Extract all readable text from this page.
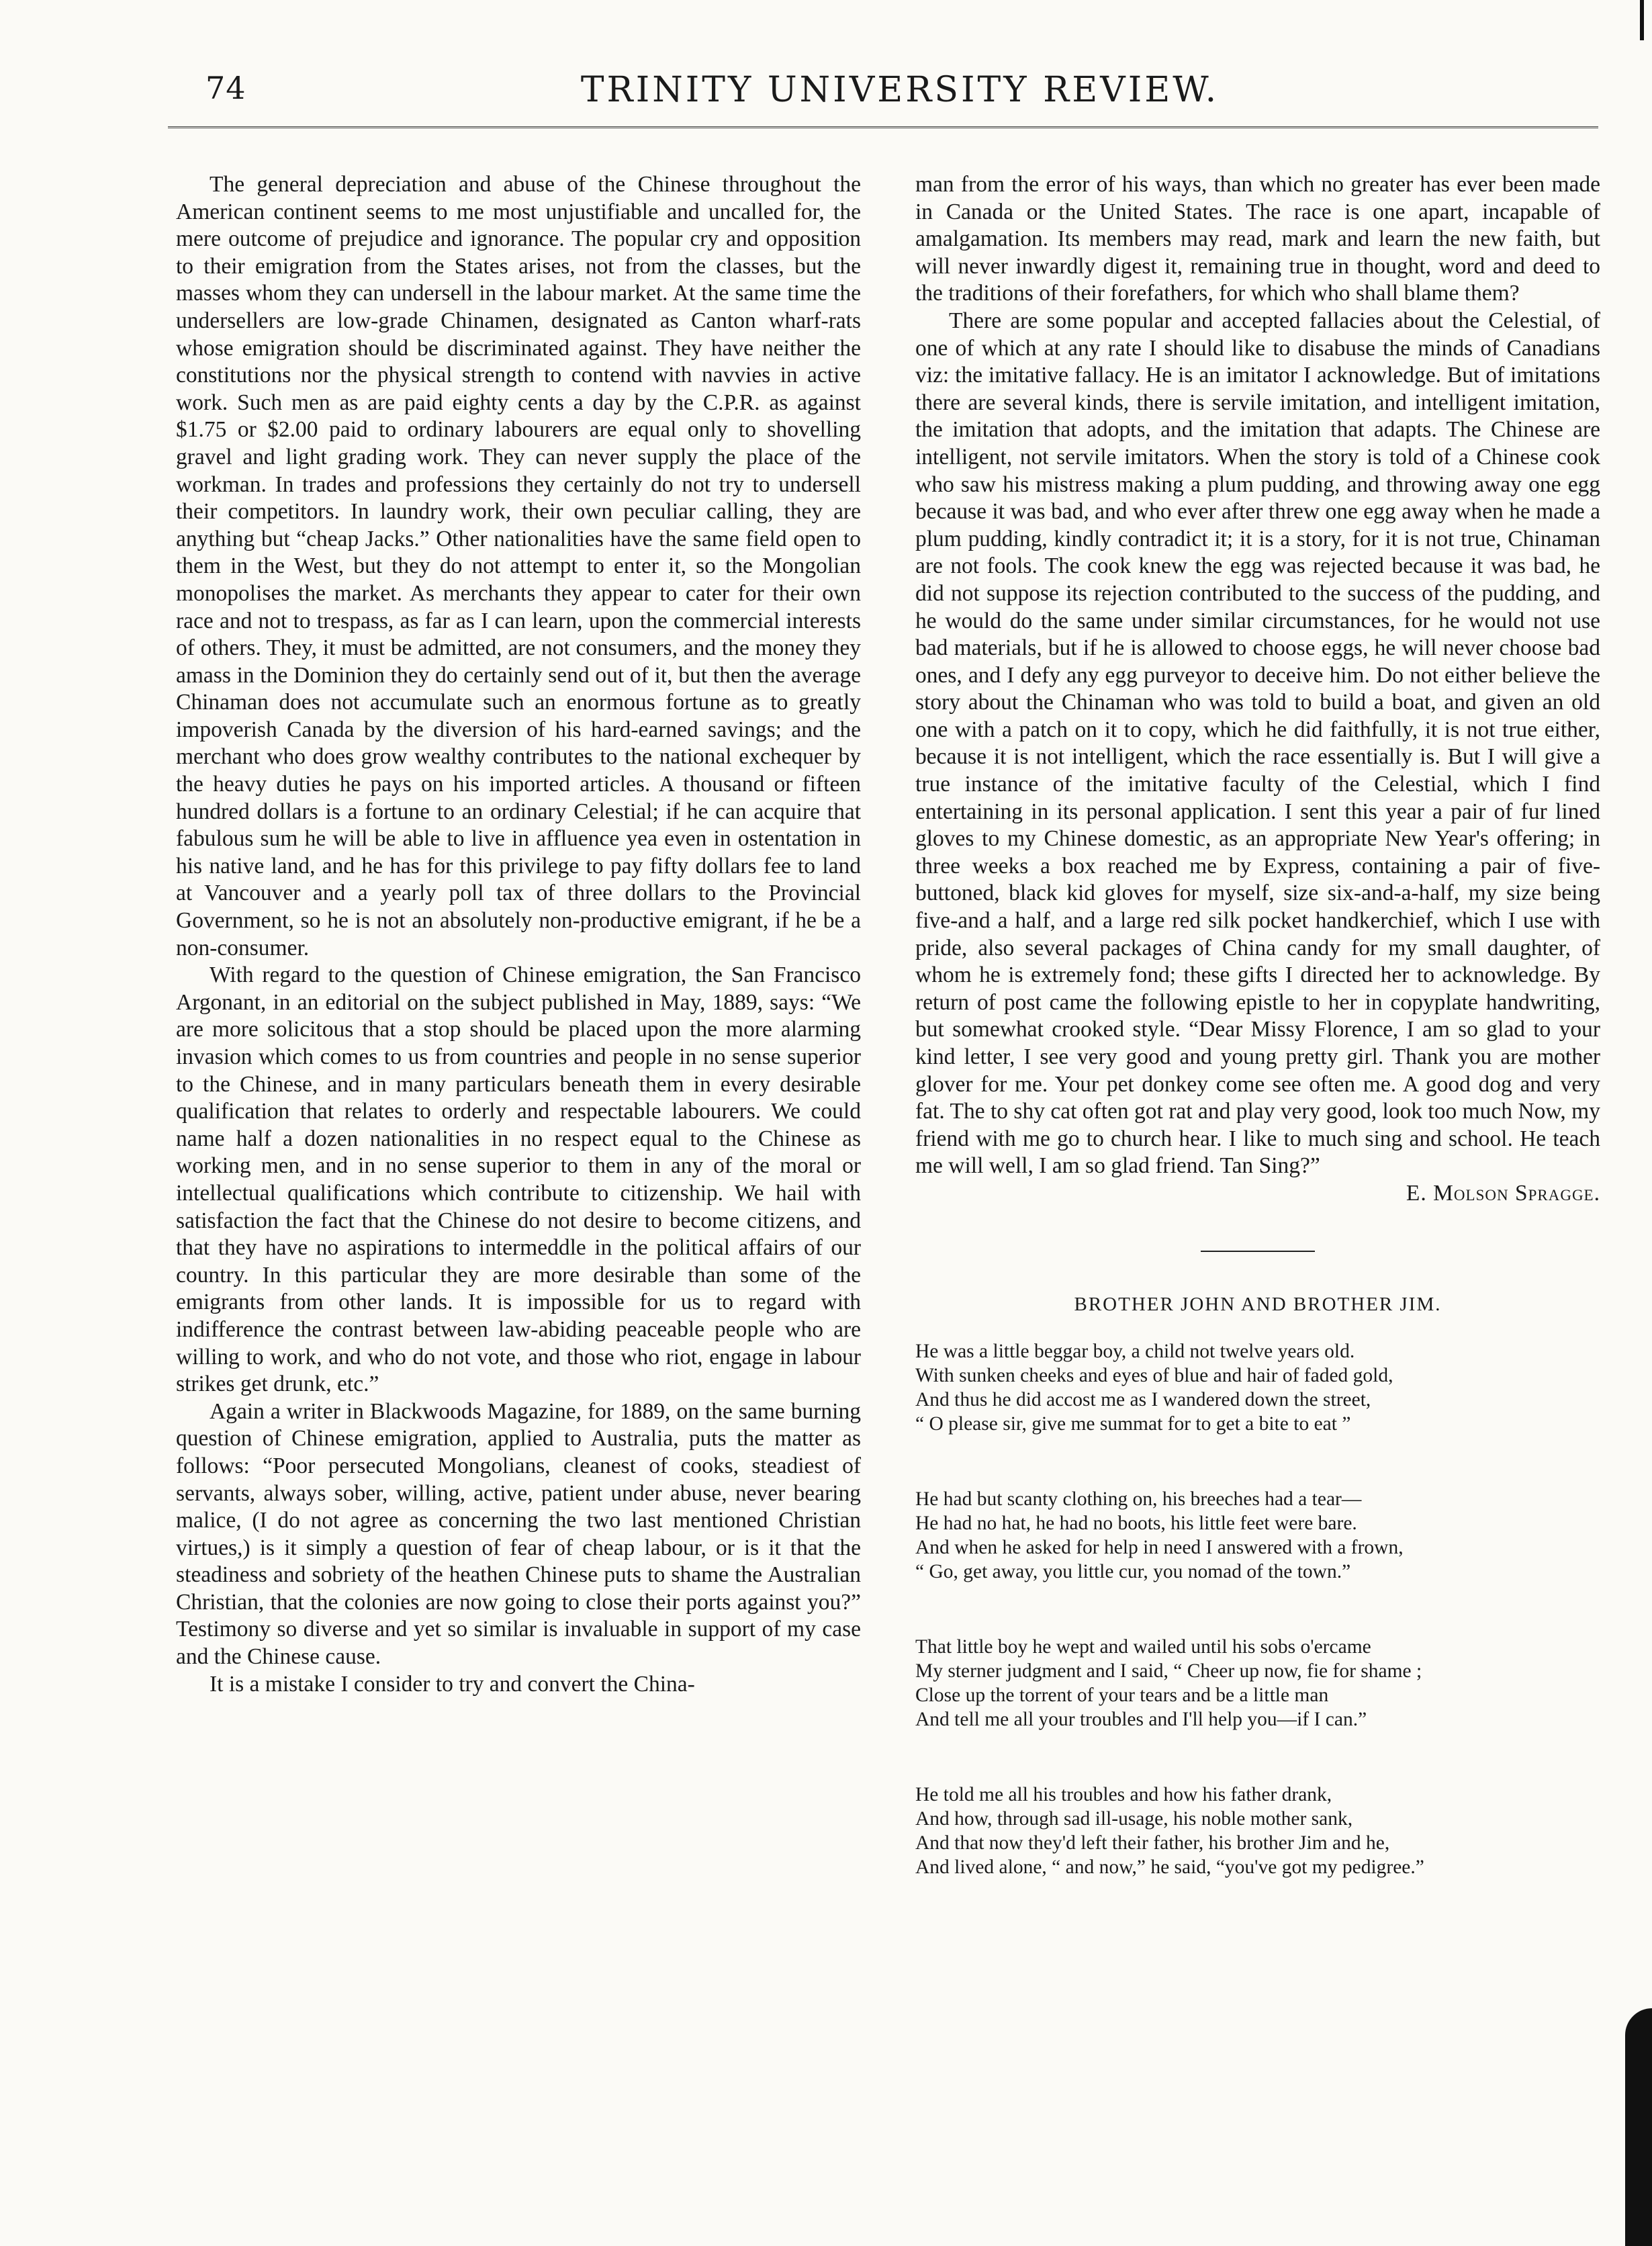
74	TRINITY UNIVERSITY REVIEW.

The general depreciation and abuse of the Chinese throughout the American continent seems to me most unjustifiable and uncalled for, the mere outcome of prejudice and ignorance. The popular cry and opposition to their emigration from the States arises, not from the classes, but the masses whom they can undersell in the labour market. At the same time the undersellers are low-grade Chinamen, designated as Canton wharf-rats whose emigration should be discriminated against. They have neither the constitutions nor the physical strength to contend with navvies in active work. Such men as are paid eighty cents a day by the C.P.R. as against $1.75 or $2.00 paid to ordinary labourers are equal only to shovelling gravel and light grading work. They can never supply the place of the workman. In trades and professions they certainly do not try to undersell their competitors. In laundry work, their own peculiar calling, they are anything but “cheap Jacks.” Other nationalities have the same field open to them in the West, but they do not attempt to enter it, so the Mongolian monopolises the market. As merchants they appear to cater for their own race and not to trespass, as far as I can learn, upon the commercial interests of others. They, it must be admitted, are not consumers, and the money they amass in the Dominion they do certainly send out of it, but then the average Chinaman does not accumulate such an enormous fortune as to greatly impoverish Canada by the diversion of his hard-earned savings; and the merchant who does grow wealthy contributes to the national exchequer by the heavy duties he pays on his imported articles. A thousand or fifteen hundred dollars is a fortune to an ordinary Celestial; if he can acquire that fabulous sum he will be able to live in affluence yea even in ostentation in his native land, and he has for this privilege to pay fifty dollars fee to land at Vancouver and a yearly poll tax of three dollars to the Provincial Government, so he is not an absolutely non-productive emigrant, if he be a non-consumer.

With regard to the question of Chinese emigration, the San Francisco Argonant, in an editorial on the subject published in May, 1889, says: “We are more solicitous that a stop should be placed upon the more alarming invasion which comes to us from countries and people in no sense superior to the Chinese, and in many particulars beneath them in every desirable qualification that relates to orderly and respectable labourers. We could name half a dozen nationalities in no respect equal to the Chinese as working men, and in no sense superior to them in any of the moral or intellectual qualifications which contribute to citizenship. We hail with satisfaction the fact that the Chinese do not desire to become citizens, and that they have no aspirations to intermeddle in the political affairs of our country. In this particular they are more desirable than some of the emigrants from other lands. It is impossible for us to regard with indifference the contrast between law-abiding peaceable people who are willing to work, and who do not vote, and those who riot, engage in labour strikes get drunk, etc.”

Again a writer in Blackwoods Magazine, for 1889, on the same burning question of Chinese emigration, applied to Australia, puts the matter as follows: “Poor persecuted Mongolians, cleanest of cooks, steadiest of servants, always sober, willing, active, patient under abuse, never bearing malice, (I do not agree as concerning the two last mentioned Christian virtues,) is it simply a question of fear of cheap labour, or is it that the steadiness and sobriety of the heathen Chinese puts to shame the Australian Christian, that the colonies are now going to close their ports against you?” Testimony so diverse and yet so similar is invaluable in support of my case and the Chinese cause.

It is a mistake I consider to try and convert the China-

man from the error of his ways, than which no greater has ever been made in Canada or the United States. The race is one apart, incapable of amalgamation. Its members may read, mark and learn the new faith, but will never inwardly digest it, remaining true in thought, word and deed to the traditions of their forefathers, for which who shall blame them?

There are some popular and accepted fallacies about the Celestial, of one of which at any rate I should like to disabuse the minds of Canadians viz: the imitative fallacy. He is an imitator I acknowledge. But of imitations there are several kinds, there is servile imitation, and intelligent imitation, the imitation that adopts, and the imitation that adapts. The Chinese are intelligent, not servile imitators. When the story is told of a Chinese cook who saw his mistress making a plum pudding, and throwing away one egg because it was bad, and who ever after threw one egg away when he made a plum pudding, kindly contradict it; it is a story, for it is not true, Chinaman are not fools. The cook knew the egg was rejected because it was bad, he did not suppose its rejection contributed to the success of the pudding, and he would do the same under similar circumstances, for he would not use bad materials, but if he is allowed to choose eggs, he will never choose bad ones, and I defy any egg purveyor to deceive him. Do not either believe the story about the Chinaman who was told to build a boat, and given an old one with a patch on it to copy, which he did faithfully, it is not true either, because it is not intelligent, which the race essentially is. But I will give a true instance of the imitative faculty of the Celestial, which I find entertaining in its personal application. I sent this year a pair of fur lined gloves to my Chinese domestic, as an appropriate New Year's offering; in three weeks a box reached me by Express, containing a pair of five-buttoned, black kid gloves for myself, size six-and-a-half, my size being five-and a half, and a large red silk pocket handkerchief, which I use with pride, also several packages of China candy for my small daughter, of whom he is extremely fond; these gifts I directed her to acknowledge. By return of post came the following epistle to her in copyplate handwriting, but somewhat crooked style. “Dear Missy Florence, I am so glad to your kind letter, I see very good and young pretty girl. Thank you are mother glover for me. Your pet donkey come see often me. A good dog and very fat. The to shy cat often got rat and play very good, look too much Now, my friend with me go to church hear. I like to much sing and school. He teach me will well, I am so glad friend. Tan Sing?”

E. Molson Spragge.

BROTHER JOHN AND BROTHER JIM.
He was a little beggar boy, a child not twelve years old.
With sunken cheeks and eyes of blue and hair of faded gold,
And thus he did accost me as I wandered down the street,
“ O please sir, give me summat for to get a bite to eat ”
He had but scanty clothing on, his breeches had a tear—
He had no hat, he had no boots, his little feet were bare.
And when he asked for help in need I answered with a frown,
“ Go, get away, you little cur, you nomad of the town.”
That little boy he wept and wailed until his sobs o'ercame
My sterner judgment and I said, “ Cheer up now, fie for shame ;
Close up the torrent of your tears and be a little man
And tell me all your troubles and I'll help you—if I can.”
He told me all his troubles and how his father drank,
And how, through sad ill-usage, his noble mother sank,
And that now they'd left their father, his brother Jim and he,
And lived alone, “ and now,” he said, “you've got my pedigree.”
